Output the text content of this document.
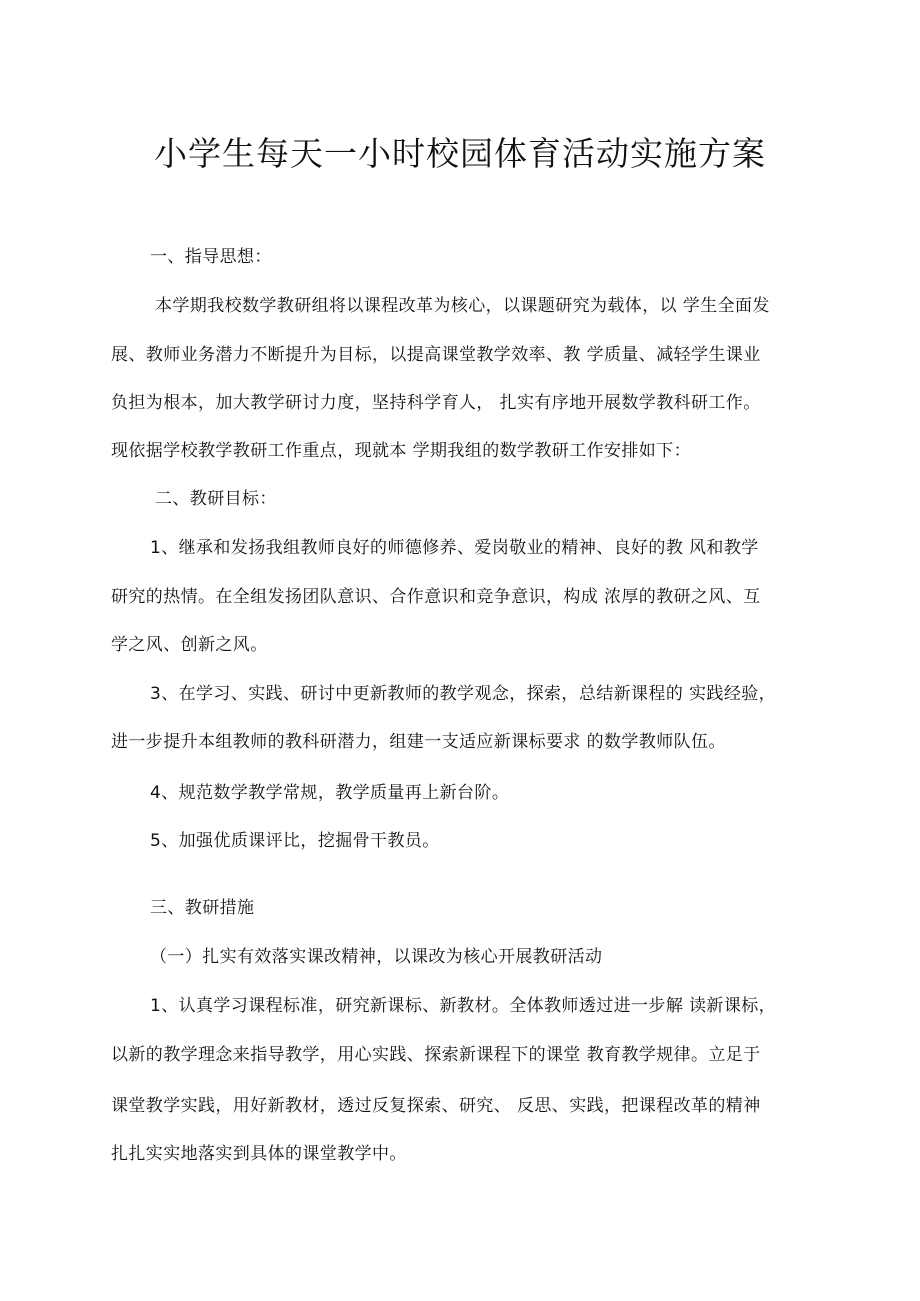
小学生每天一小时校园体育活动实施方案
一、指导思想：
本学期我校数学教研组将以课程改革为核心，以课题研究为载体，以 学生全面发
展、教师业务潜力不断提升为目标，以提高课堂教学效率、教 学质量、减轻学生课业
负担为根本，加大教学研讨力度，坚持科学育人， 扎实有序地开展数学教科研工作。
现依据学校教学教研工作重点，现就本 学期我组的数学教研工作安排如下：
二、教研目标：
1、继承和发扬我组教师良好的师德修养、爱岗敬业的精神、良好的教 风和教学
研究的热情。在全组发扬团队意识、合作意识和竞争意识，构成 浓厚的教研之风、互
学之风、创新之风。
3、在学习、实践、研讨中更新教师的教学观念，探索，总结新课程的 实践经验，
进一步提升本组教师的教科研潜力，组建一支适应新课标要求 的数学教师队伍。
4、规范数学教学常规，教学质量再上新台阶。
5、加强优质课评比，挖掘骨干教员。
三、教研措施
（一）扎实有效落实课改精神，以课改为核心开展教研活动
1、认真学习课程标准，研究新课标、新教材。全体教师透过进一步解 读新课标，
以新的教学理念来指导教学，用心实践、探索新课程下的课堂 教育教学规律。立足于
课堂教学实践，用好新教材，透过反复探索、研究、 反思、实践，把课程改革的精神
扎扎实实地落实到具体的课堂教学中。
